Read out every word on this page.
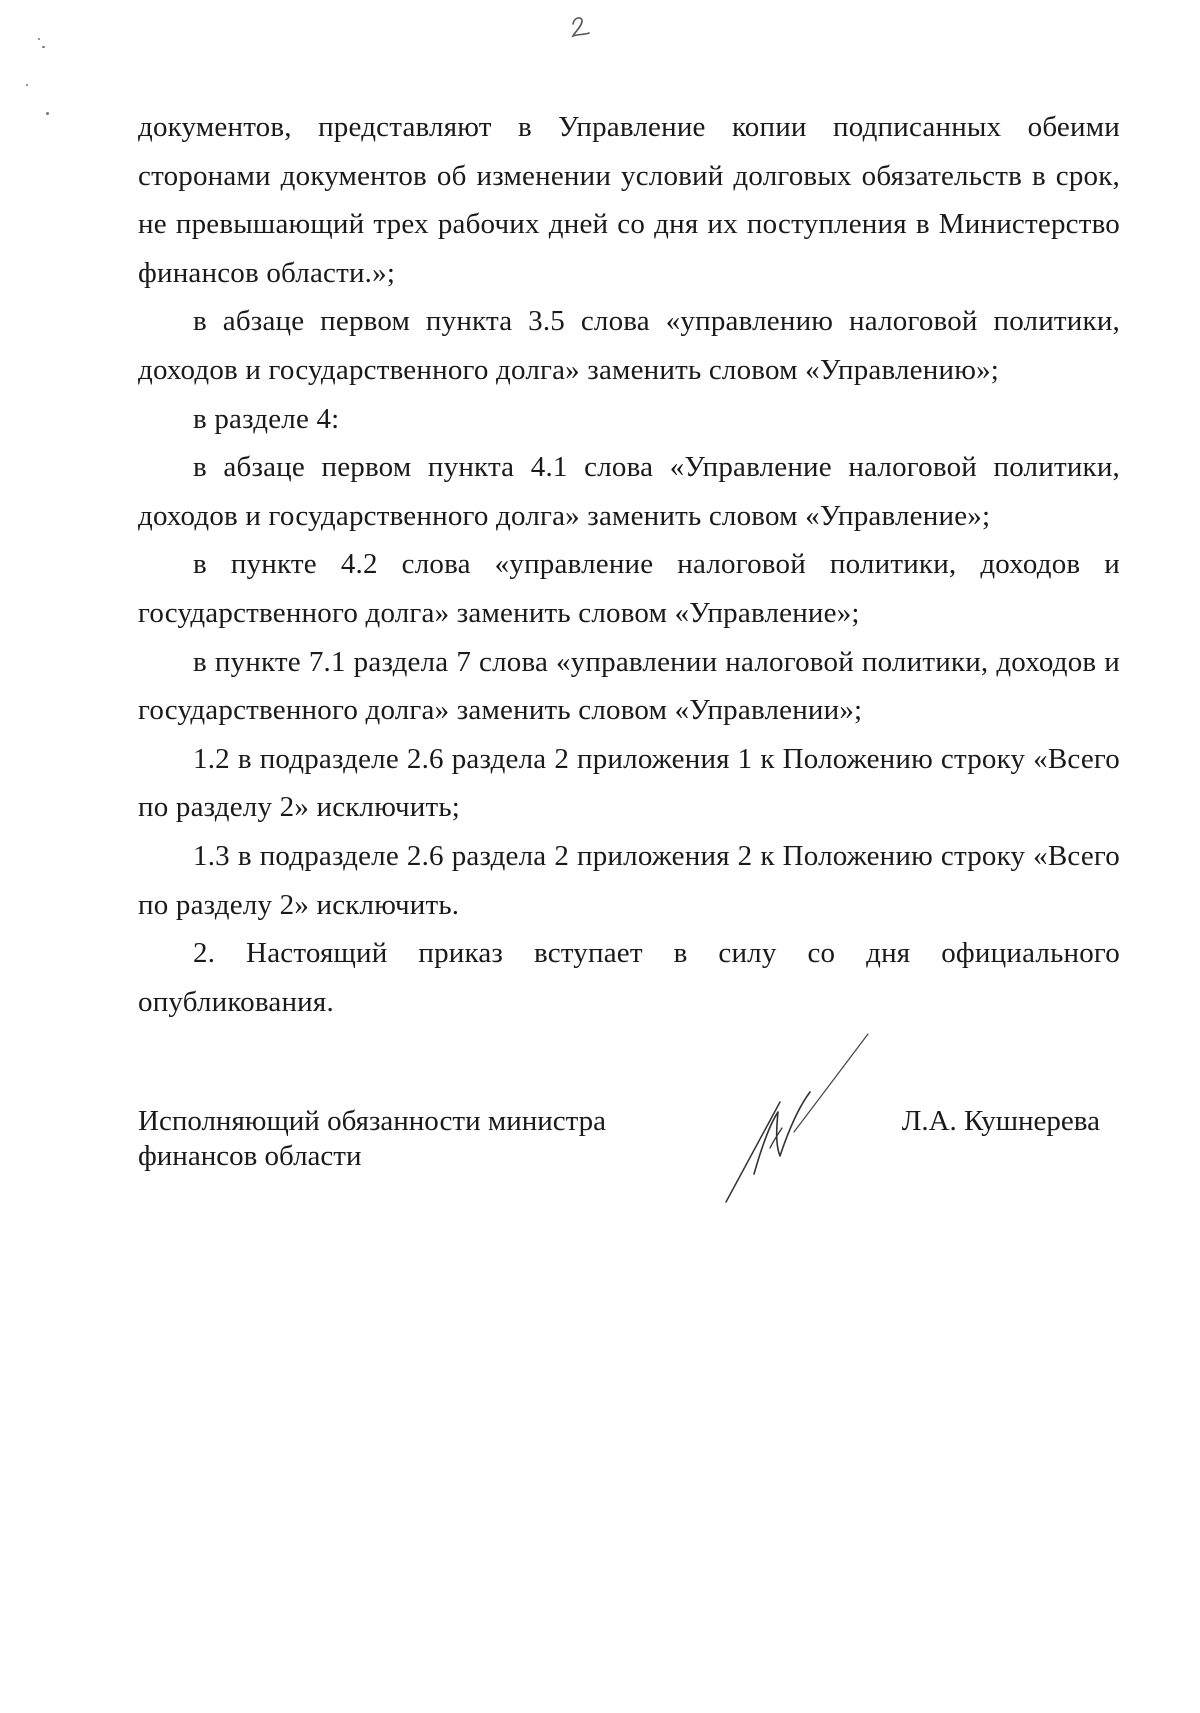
документов, представляют в Управление копии подписанных обеими сторонами документов об изменении условий долговых обязательств в срок, не превышающий трех рабочих дней со дня их поступления в Министерство финансов области.»;

в абзаце первом пункта 3.5 слова «управлению налоговой политики, доходов и государственного долга» заменить словом «Управлению»;

в разделе 4:

в абзаце первом пункта 4.1 слова «Управление налоговой политики, доходов и государственного долга» заменить словом «Управление»;

в пункте 4.2 слова «управление налоговой политики, доходов и государственного долга» заменить словом «Управление»;

в пункте 7.1 раздела 7 слова «управлении налоговой политики, доходов и государственного долга» заменить словом «Управлении»;

1.2 в подразделе 2.6 раздела 2 приложения 1 к Положению строку «Всего по разделу 2» исключить;

1.3 в подразделе 2.6 раздела 2 приложения 2 к Положению строку «Всего по разделу 2» исключить.

2. Настоящий приказ вступает в силу со дня официального опубликования.

Исполняющий обязанности министра
финансов области
Л.А. Кушнерева
